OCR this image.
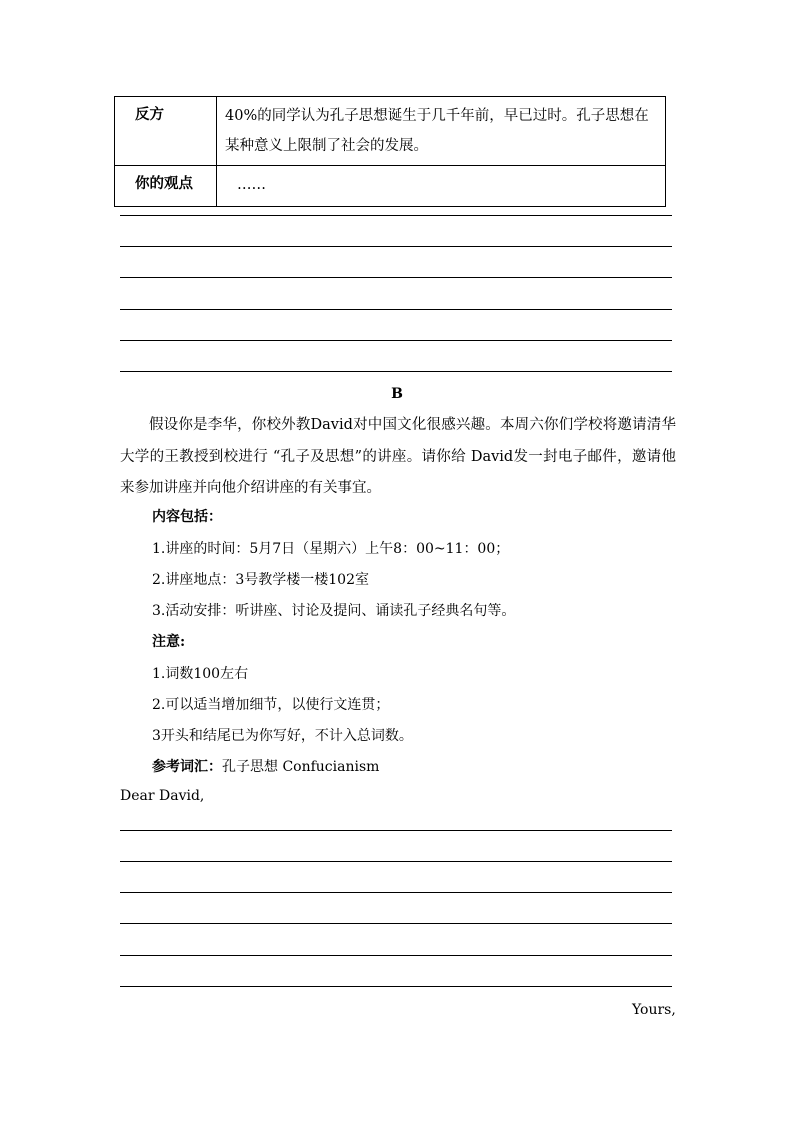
反方	40%的同学认为孔子思想诞生于几千年前，早已过时。孔子思想在某种意义上限制了社会的发展。
你的观点	……
B
假设你是李华，你校外教David对中国文化很感兴趣。本周六你们学校将邀请清华大学的王教授到校进行 “孔子及思想”的讲座。请你给 David发一封电子邮件，邀请他来参加讲座并向他介绍讲座的有关事宜。
内容包括：
1.讲座的时间：5月7日（星期六）上午8：00~11：00；
2.讲座地点：3号教学楼一楼102室
3.活动安排：听讲座、讨论及提问、诵读孔子经典名句等。
注意:
1.词数100左右
2.可以适当增加细节，以使行文连贯；
3开头和结尾已为你写好，不计入总词数。
参考词汇：孔子思想 Confucianism
Dear David,
Yours,
